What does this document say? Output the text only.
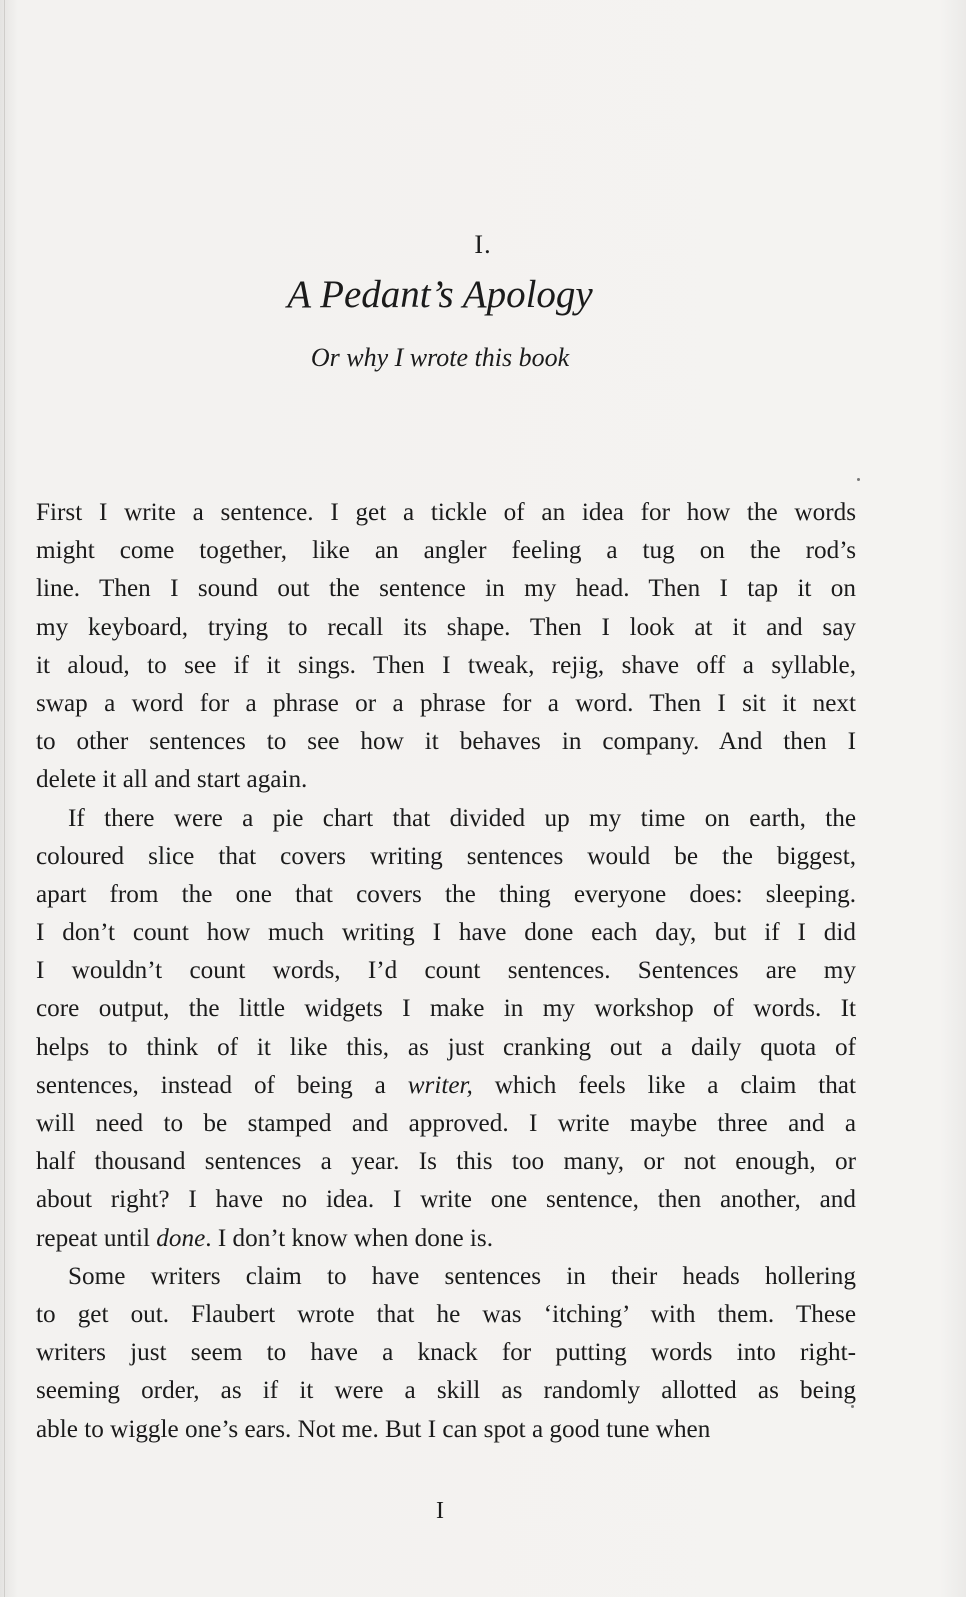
I.
A Pedant’s Apology
Or why I wrote this book
First I write a sentence. I get a tickle of an idea for how the words
might come together, like an angler feeling a tug on the rod’s
line. Then I sound out the sentence in my head. Then I tap it on
my keyboard, trying to recall its shape. Then I look at it and say
it aloud, to see if it sings. Then I tweak, rejig, shave off a syllable,
swap a word for a phrase or a phrase for a word. Then I sit it next
to other sentences to see how it behaves in company. And then I
delete it all and start again.
If there were a pie chart that divided up my time on earth, the
coloured slice that covers writing sentences would be the biggest,
apart from the one that covers the thing everyone does: sleeping.
I don’t count how much writing I have done each day, but if I did
I wouldn’t count words, I’d count sentences. Sentences are my
core output, the little widgets I make in my workshop of words. It
helps to think of it like this, as just cranking out a daily quota of
sentences, instead of being a writer, which feels like a claim that
will need to be stamped and approved. I write maybe three and a
half thousand sentences a year. Is this too many, or not enough, or
about right? I have no idea. I write one sentence, then another, and
repeat until done. I don’t know when done is.
Some writers claim to have sentences in their heads hollering
to get out. Flaubert wrote that he was ‘itching’ with them. These
writers just seem to have a knack for putting words into right-
seeming order, as if it were a skill as randomly allotted as being
able to wiggle one’s ears. Not me. But I can spot a good tune when
I
